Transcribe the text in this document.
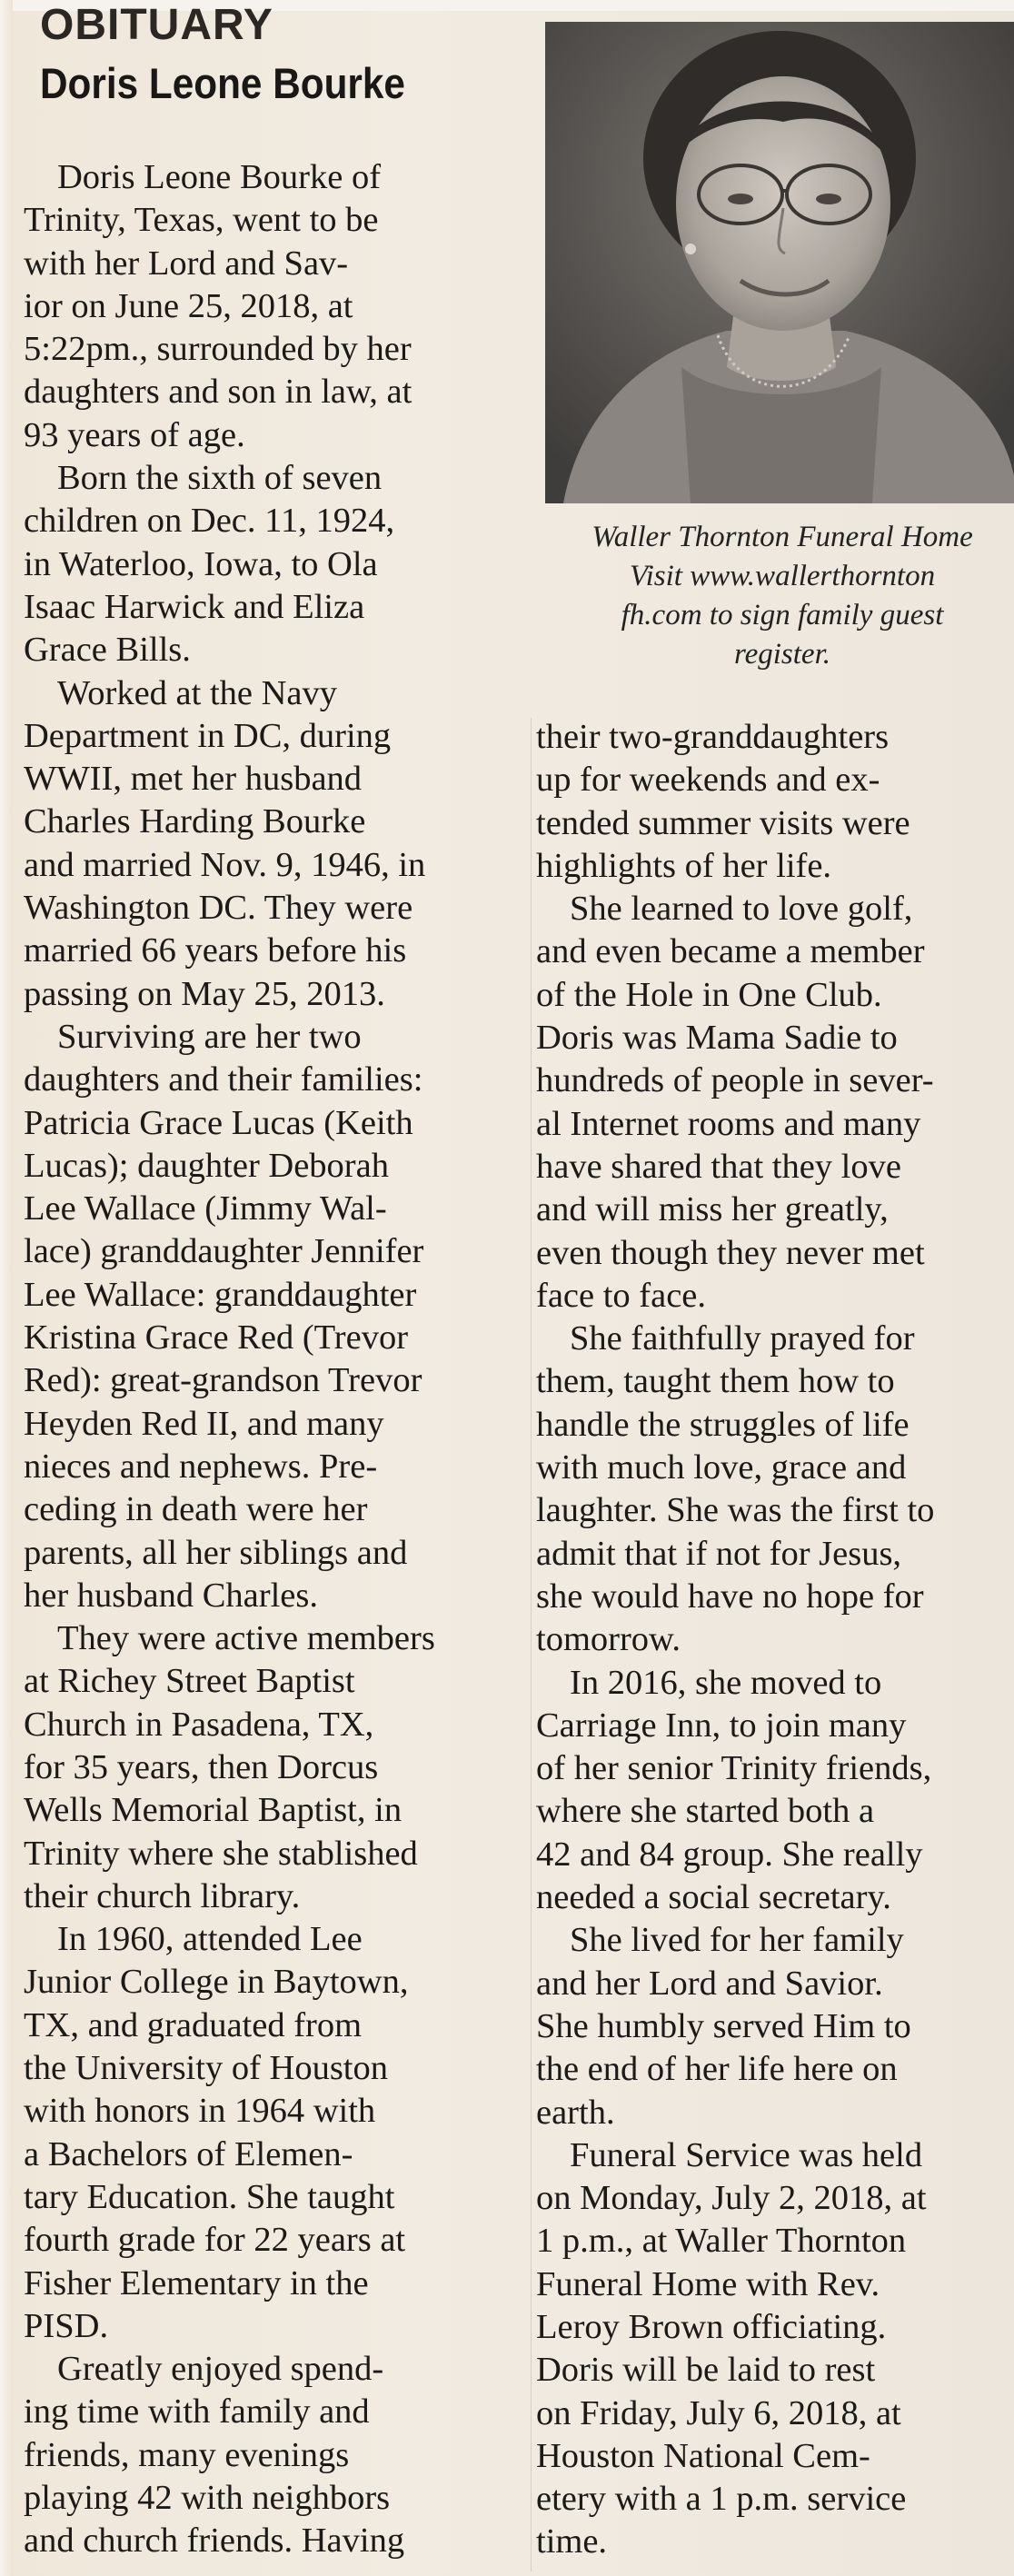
OBITUARY
Doris Leone Bourke

Waller Thornton Funeral Home

Visit www.wallerthornton

fh.com to sign family guest

register.

Doris Leone Bourke of

Trinity, Texas, went to be

with her Lord and Sav-

ior on June 25, 2018, at

5:22pm., surrounded by her

daughters and son in law, at

93 years of age.

Born the sixth of seven

children on Dec. 11, 1924,

in Waterloo, Iowa, to Ola

Isaac Harwick and Eliza

Grace Bills.

Worked at the Navy

Department in DC, during

WWII, met her husband

Charles Harding Bourke

and married Nov. 9, 1946, in

Washington DC. They were

married 66 years before his

passing on May 25, 2013.

Surviving are her two

daughters and their families:

Patricia Grace Lucas (Keith

Lucas); daughter Deborah

Lee Wallace (Jimmy Wal-

lace) granddaughter Jennifer

Lee Wallace: granddaughter

Kristina Grace Red (Trevor

Red): great-grandson Trevor

Heyden Red II, and many

nieces and nephews. Pre-

ceding in death were her

parents, all her siblings and

her husband Charles.

They were active members

at Richey Street Baptist

Church in Pasadena, TX,

for 35 years, then Dorcus

Wells Memorial Baptist, in

Trinity where she stablished

their church library.

In 1960, attended Lee

Junior College in Baytown,

TX, and graduated from

the University of Houston

with honors in 1964 with

a Bachelors of Elemen-

tary Education. She taught

fourth grade for 22 years at

Fisher Elementary in the

PISD.

Greatly enjoyed spend-

ing time with family and

friends, many evenings

playing 42 with neighbors

and church friends. Having

their two-granddaughters

up for weekends and ex-

tended summer visits were

highlights of her life.

She learned to love golf,

and even became a member

of the Hole in One Club.

Doris was Mama Sadie to

hundreds of people in sever-

al Internet rooms and many

have shared that they love

and will miss her greatly,

even though they never met

face to face.

She faithfully prayed for

them, taught them how to

handle the struggles of life

with much love, grace and

laughter. She was the first to

admit that if not for Jesus,

she would have no hope for

tomorrow.

In 2016, she moved to

Carriage Inn, to join many

of her senior Trinity friends,

where she started both a

42 and 84 group. She really

needed a social secretary.

She lived for her family

and her Lord and Savior.

She humbly served Him to

the end of her life here on

earth.

Funeral Service was held

on Monday, July 2, 2018, at

1 p.m., at Waller Thornton

Funeral Home with Rev.

Leroy Brown officiating.

Doris will be laid to rest

on Friday, July 6, 2018, at

Houston National Cem-

etery with a 1 p.m. service

time.
